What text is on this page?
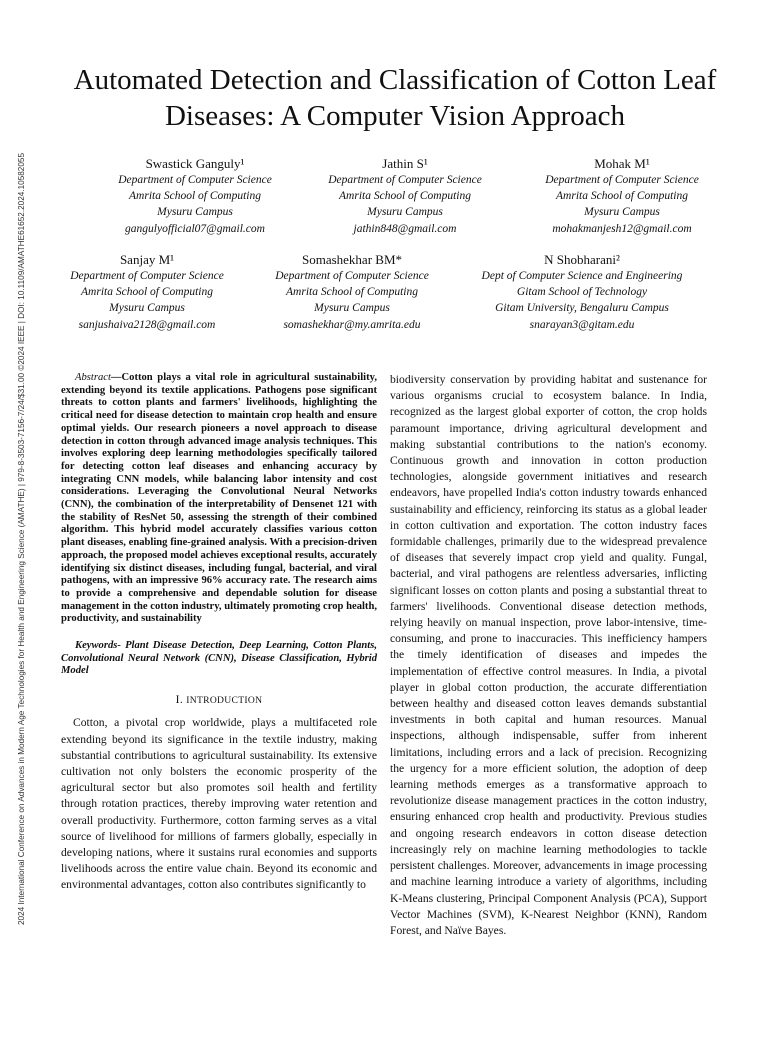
2024 International Conference on Advances in Modern Age Technologies for Health and Engineering Science (AMATHE) | 979-8-3503-7156-7/24/$31.00 ©2024 IEEE | DOI: 10.1109/AMATHE61652.2024.10582055
Automated Detection and Classification of Cotton Leaf Diseases: A Computer Vision Approach
Swastick Ganguly¹
Department of Computer Science
Amrita School of Computing
Mysuru Campus
gangulyofficial07@gmail.com
Jathin S¹
Department of Computer Science
Amrita School of Computing
Mysuru Campus
jathin848@gmail.com
Mohak M¹
Department of Computer Science
Amrita School of Computing
Mysuru Campus
mohakmanjesh12@gmail.com
Sanjay M¹
Department of Computer Science
Amrita School of Computing
Mysuru Campus
sanjushaiva2128@gmail.com
Somashekhar BM*
Department of Computer Science
Amrita School of Computing
Mysuru Campus
somashekhar@my.amrita.edu
N Shobharani²
Dept of Computer Science and Engineering
Gitam School of Technology
Gitam University, Bengaluru Campus
snarayan3@gitam.edu

Abstract—Cotton plays a vital role in agricultural sustainability, extending beyond its textile applications. Pathogens pose significant threats to cotton plants and farmers' livelihoods, highlighting the critical need for disease detection to maintain crop health and ensure optimal yields. Our research pioneers a novel approach to disease detection in cotton through advanced image analysis techniques. This involves exploring deep learning methodologies specifically tailored for detecting cotton leaf diseases and enhancing accuracy by integrating CNN models, while balancing labor intensity and cost considerations. Leveraging the Convolutional Neural Networks (CNN), the combination of the interpretability of Densenet 121 with the stability of ResNet 50, assessing the strength of their combined algorithm. This hybrid model accurately classifies various cotton plant diseases, enabling fine-grained analysis. With a precision-driven approach, the proposed model achieves exceptional results, accurately identifying six distinct diseases, including fungal, bacterial, and viral pathogens, with an impressive 96% accuracy rate. The research aims to provide a comprehensive and dependable solution for disease management in the cotton industry, ultimately promoting crop health, productivity, and sustainability

Keywords- Plant Disease Detection, Deep Learning, Cotton Plants, Convolutional Neural Network (CNN), Disease Classification, Hybrid Model

I. INTRODUCTION

Cotton, a pivotal crop worldwide, plays a multifaceted role extending beyond its significance in the textile industry, making substantial contributions to agricultural sustainability. Its extensive cultivation not only bolsters the economic prosperity of the agricultural sector but also promotes soil health and fertility through rotation practices, thereby improving water retention and overall productivity. Furthermore, cotton farming serves as a vital source of livelihood for millions of farmers globally, especially in developing nations, where it sustains rural economies and supports livelihoods across the entire value chain. Beyond its economic and environmental advantages, cotton also contributes significantly to

biodiversity conservation by providing habitat and sustenance for various organisms crucial to ecosystem balance. In India, recognized as the largest global exporter of cotton, the crop holds paramount importance, driving agricultural development and making substantial contributions to the nation's economy. Continuous growth and innovation in cotton production technologies, alongside government initiatives and research endeavors, have propelled India's cotton industry towards enhanced sustainability and efficiency, reinforcing its status as a global leader in cotton cultivation and exportation. The cotton industry faces formidable challenges, primarily due to the widespread prevalence of diseases that severely impact crop yield and quality. Fungal, bacterial, and viral pathogens are relentless adversaries, inflicting significant losses on cotton plants and posing a substantial threat to farmers' livelihoods. Conventional disease detection methods, relying heavily on manual inspection, prove labor-intensive, time-consuming, and prone to inaccuracies. This inefficiency hampers the timely identification of diseases and impedes the implementation of effective control measures. In India, a pivotal player in global cotton production, the accurate differentiation between healthy and diseased cotton leaves demands substantial investments in both capital and human resources. Manual inspections, although indispensable, suffer from inherent limitations, including errors and a lack of precision. Recognizing the urgency for a more efficient solution, the adoption of deep learning methods emerges as a transformative approach to revolutionize disease management practices in the cotton industry, ensuring enhanced crop health and productivity. Previous studies and ongoing research endeavors in cotton disease detection increasingly rely on machine learning methodologies to tackle persistent challenges. Moreover, advancements in image processing and machine learning introduce a variety of algorithms, including K-Means clustering, Principal Component Analysis (PCA), Support Vector Machines (SVM), K-Nearest Neighbor (KNN), Random Forest, and Naïve Bayes.
